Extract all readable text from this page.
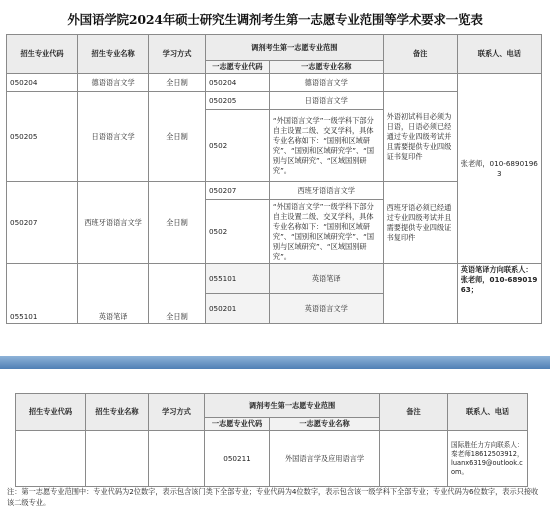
外国语学院2024年硕士研究生调剂考生第一志愿专业范围等学术要求一览表
招生专业代码	招生专业名称	学习方式	调剂考生第一志愿专业范围		备注	联系人、电话
			一志愿专业代码	一志愿专业名称		
050204	德语语言文学	全日制	050204	德语语言文学		张老师，010-68901963
050205	日语语言文学	全日制	050205	日语语言文学	外语初试科目必须为日语，日语必须已经通过专业四级考试并且需要提供专业四级证书复印件	
			0502	“外国语言文学”一级学科下部分自主设置二级、交叉学科，具体专业名称如下：“国别和区域研究”、“国别和区域研究学”、“国别与区域研究”、“区域国别研究”。		
050207	西班牙语语言文学	全日制	050207	西班牙语语言文学	西班牙语必须已经通过专业四级考试并且需要提供专业四级证书复印件	
			0502	“外国语言文学”一级学科下部分自主设置二级、交叉学科，具体专业名称如下：“国别和区域研究”、“国别和区域研究学”、“国别与区域研究”、“区域国别研究”。		
055101	英语笔译	全日制	055101	英语笔译		英语笔译方向联系人：张老师，010-68901963；
			050201	英语语言文学		
招生专业代码	招生专业名称	学习方式	调剂考生第一志愿专业范围		备注	联系人、电话
			一志愿专业代码	一志愿专业名称		
			050211	外国语言学及应用语言学		国际胜任力方向联系人：秦老师18612503912，luanx6319@outlook.com。
注：第一志愿专业范围中：专业代码为2位数字，表示包含该门类下全部专业；专业代码为4位数字，表示包含该一级学科下全部专业；专业代码为6位数字，表示只接收该二级专业。
